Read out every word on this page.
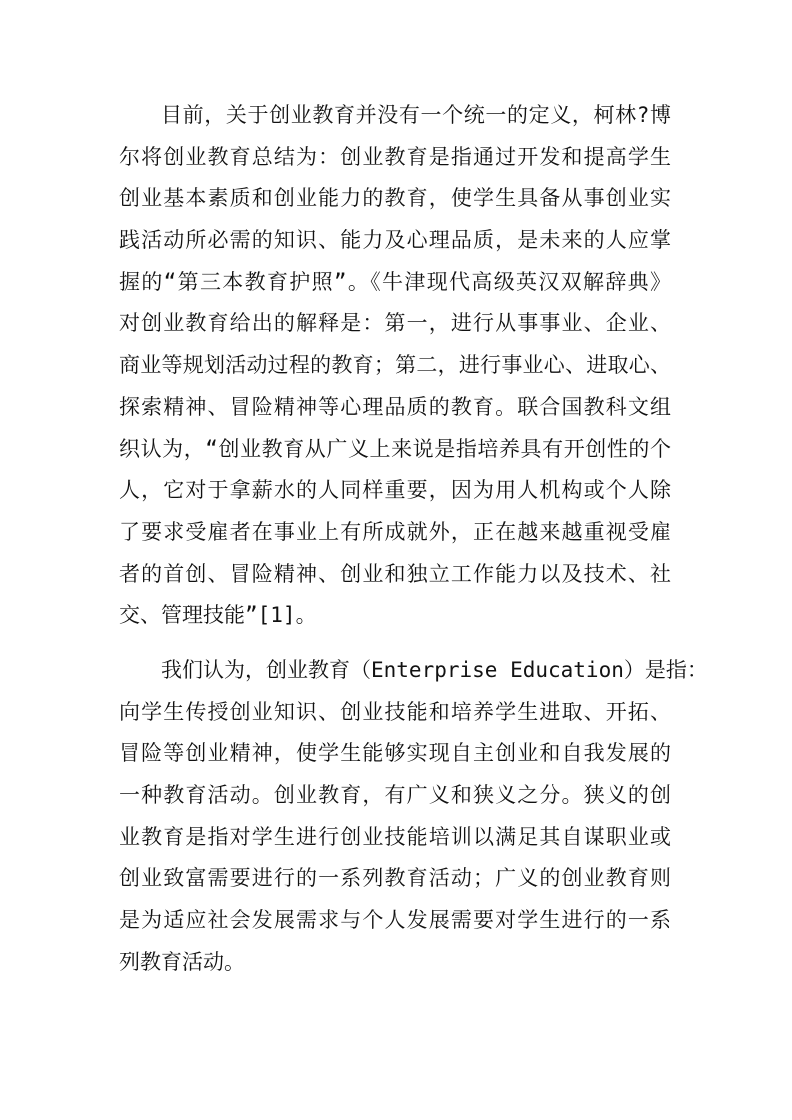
目前，关于创业教育并没有一个统一的定义，柯林?博
尔将创业教育总结为：创业教育是指通过开发和提高学生
创业基本素质和创业能力的教育，使学生具备从事创业实
践活动所必需的知识、能力及心理品质，是未来的人应掌
握的“第三本教育护照”。《牛津现代高级英汉双解辞典》
对创业教育给出的解释是：第一，进行从事事业、企业、
商业等规划活动过程的教育；第二，进行事业心、进取心、
探索精神、冒险精神等心理品质的教育。联合国教科文组
织认为，“创业教育从广义上来说是指培养具有开创性的个
人，它对于拿薪水的人同样重要，因为用人机构或个人除
了要求受雇者在事业上有所成就外，正在越来越重视受雇
者的首创、冒险精神、创业和独立工作能力以及技术、社
交、管理技能”[1]。
我们认为，创业教育（Enterprise Education）是指：
向学生传授创业知识、创业技能和培养学生进取、开拓、
冒险等创业精神，使学生能够实现自主创业和自我发展的
一种教育活动。创业教育，有广义和狭义之分。狭义的创
业教育是指对学生进行创业技能培训以满足其自谋职业或
创业致富需要进行的一系列教育活动；广义的创业教育则
是为适应社会发展需求与个人发展需要对学生进行的一系
列教育活动。
